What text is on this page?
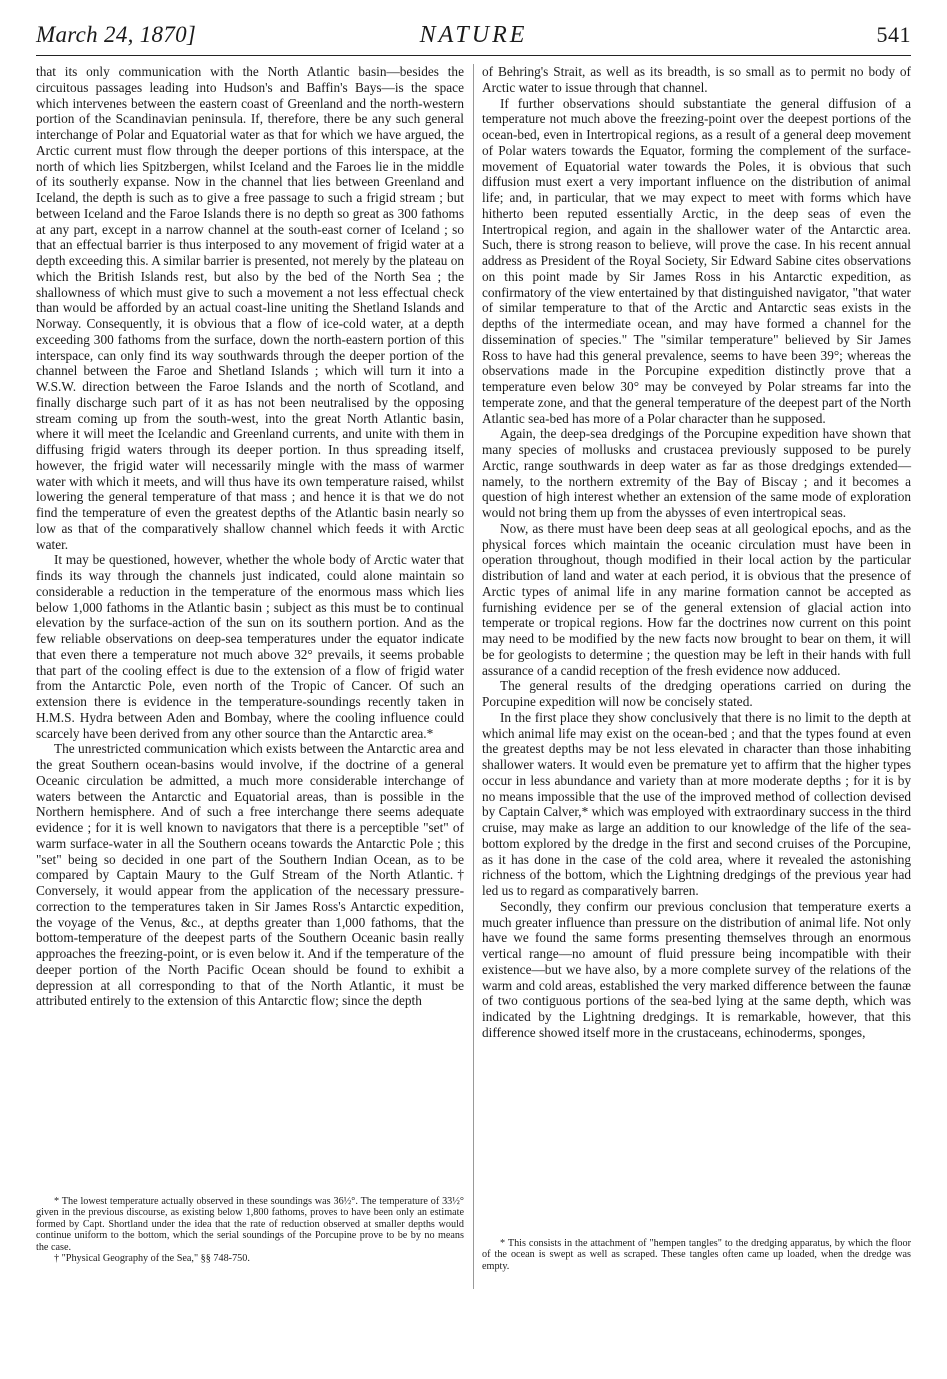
March 24, 1870]	NATURE	541

that its only communication with the North Atlantic basin—besides the circuitous passages leading into Hudson's and Baffin's Bays—is the space which intervenes between the eastern coast of Greenland and the north-western portion of the Scandinavian peninsula. If, therefore, there be any such general interchange of Polar and Equatorial water as that for which we have argued, the Arctic current must flow through the deeper portions of this interspace, at the north of which lies Spitzbergen, whilst Iceland and the Faroes lie in the middle of its southerly expanse. Now in the channel that lies between Greenland and Iceland, the depth is such as to give a free passage to such a frigid stream ; but between Iceland and the Faroe Islands there is no depth so great as 300 fathoms at any part, except in a narrow channel at the south-east corner of Iceland ; so that an effectual barrier is thus interposed to any movement of frigid water at a depth exceeding this. A similar barrier is presented, not merely by the plateau on which the British Islands rest, but also by the bed of the North Sea ; the shallowness of which must give to such a movement a not less effectual check than would be afforded by an actual coast-line uniting the Shetland Islands and Norway. Consequently, it is obvious that a flow of ice-cold water, at a depth exceeding 300 fathoms from the surface, down the north-eastern portion of this interspace, can only find its way southwards through the deeper portion of the channel between the Faroe and Shetland Islands ; which will turn it into a W.S.W. direction between the Faroe Islands and the north of Scotland, and finally discharge such part of it as has not been neutralised by the opposing stream coming up from the south-west, into the great North Atlantic basin, where it will meet the Icelandic and Greenland currents, and unite with them in diffusing frigid waters through its deeper portion. In thus spreading itself, however, the frigid water will necessarily mingle with the mass of warmer water with which it meets, and will thus have its own temperature raised, whilst lowering the general temperature of that mass ; and hence it is that we do not find the temperature of even the greatest depths of the Atlantic basin nearly so low as that of the comparatively shallow channel which feeds it with Arctic water.

It may be questioned, however, whether the whole body of Arctic water that finds its way through the channels just indicated, could alone maintain so considerable a reduction in the temperature of the enormous mass which lies below 1,000 fathoms in the Atlantic basin ; subject as this must be to continual elevation by the surface-action of the sun on its southern portion. And as the few reliable observations on deep-sea temperatures under the equator indicate that even there a temperature not much above 32° prevails, it seems probable that part of the cooling effect is due to the extension of a flow of frigid water from the Antarctic Pole, even north of the Tropic of Cancer. Of such an extension there is evidence in the temperature-soundings recently taken in H.M.S. Hydra between Aden and Bombay, where the cooling influence could scarcely have been derived from any other source than the Antarctic area.*

The unrestricted communication which exists between the Antarctic area and the great Southern ocean-basins would involve, if the doctrine of a general Oceanic circulation be admitted, a much more considerable interchange of waters between the Antarctic and Equatorial areas, than is possible in the Northern hemisphere. And of such a free interchange there seems adequate evidence ; for it is well known to navigators that there is a perceptible "set" of warm surface-water in all the Southern oceans towards the Antarctic Pole ; this "set" being so decided in one part of the Southern Indian Ocean, as to be compared by Captain Maury to the Gulf Stream of the North Atlantic.† Conversely, it would appear from the application of the necessary pressure-correction to the temperatures taken in Sir James Ross's Antarctic expedition, the voyage of the Venus, &c., at depths greater than 1,000 fathoms, that the bottom-temperature of the deepest parts of the Southern Oceanic basin really approaches the freezing-point, or is even below it. And if the temperature of the deeper portion of the North Pacific Ocean should be found to exhibit a depression at all corresponding to that of the North Atlantic, it must be attributed entirely to the extension of this Antarctic flow; since the depth

* The lowest temperature actually observed in these soundings was 36½°. The temperature of 33½° given in the previous discourse, as existing below 1,800 fathoms, proves to have been only an estimate formed by Capt. Shortland under the idea that the rate of reduction observed at smaller depths would continue uniform to the bottom, which the serial soundings of the Porcupine prove to be by no means the case.

† "Physical Geography of the Sea," §§ 748-750.

of Behring's Strait, as well as its breadth, is so small as to permit no body of Arctic water to issue through that channel.

If further observations should substantiate the general diffusion of a temperature not much above the freezing-point over the deepest portions of the ocean-bed, even in Intertropical regions, as a result of a general deep movement of Polar waters towards the Equator, forming the complement of the surface-movement of Equatorial water towards the Poles, it is obvious that such diffusion must exert a very important influence on the distribution of animal life; and, in particular, that we may expect to meet with forms which have hitherto been reputed essentially Arctic, in the deep seas of even the Intertropical region, and again in the shallower water of the Antarctic area. Such, there is strong reason to believe, will prove the case. In his recent annual address as President of the Royal Society, Sir Edward Sabine cites observations on this point made by Sir James Ross in his Antarctic expedition, as confirmatory of the view entertained by that distinguished navigator, "that water of similar temperature to that of the Arctic and Antarctic seas exists in the depths of the intermediate ocean, and may have formed a channel for the dissemination of species." The "similar temperature" believed by Sir James Ross to have had this general prevalence, seems to have been 39°; whereas the observations made in the Porcupine expedition distinctly prove that a temperature even below 30° may be conveyed by Polar streams far into the temperate zone, and that the general temperature of the deepest part of the North Atlantic sea-bed has more of a Polar character than he supposed.

Again, the deep-sea dredgings of the Porcupine expedition have shown that many species of mollusks and crustacea previously supposed to be purely Arctic, range southwards in deep water as far as those dredgings extended—namely, to the northern extremity of the Bay of Biscay ; and it becomes a question of high interest whether an extension of the same mode of exploration would not bring them up from the abysses of even intertropical seas.

Now, as there must have been deep seas at all geological epochs, and as the physical forces which maintain the oceanic circulation must have been in operation throughout, though modified in their local action by the particular distribution of land and water at each period, it is obvious that the presence of Arctic types of animal life in any marine formation cannot be accepted as furnishing evidence per se of the general extension of glacial action into temperate or tropical regions. How far the doctrines now current on this point may need to be modified by the new facts now brought to bear on them, it will be for geologists to determine ; the question may be left in their hands with full assurance of a candid reception of the fresh evidence now adduced.

The general results of the dredging operations carried on during the Porcupine expedition will now be concisely stated.

In the first place they show conclusively that there is no limit to the depth at which animal life may exist on the ocean-bed ; and that the types found at even the greatest depths may be not less elevated in character than those inhabiting shallower waters. It would even be premature yet to affirm that the higher types occur in less abundance and variety than at more moderate depths ; for it is by no means impossible that the use of the improved method of collection devised by Captain Calver,* which was employed with extraordinary success in the third cruise, may make as large an addition to our knowledge of the life of the sea-bottom explored by the dredge in the first and second cruises of the Porcupine, as it has done in the case of the cold area, where it revealed the astonishing richness of the bottom, which the Lightning dredgings of the previous year had led us to regard as comparatively barren.

Secondly, they confirm our previous conclusion that temperature exerts a much greater influence than pressure on the distribution of animal life. Not only have we found the same forms presenting themselves through an enormous vertical range—no amount of fluid pressure being incompatible with their existence—but we have also, by a more complete survey of the relations of the warm and cold areas, established the very marked difference between the faunæ of two contiguous portions of the sea-bed lying at the same depth, which was indicated by the Lightning dredgings. It is remarkable, however, that this difference showed itself more in the crustaceans, echinoderms, sponges,

* This consists in the attachment of "hempen tangles" to the dredging apparatus, by which the floor of the ocean is swept as well as scraped. These tangles often came up loaded, when the dredge was empty.
